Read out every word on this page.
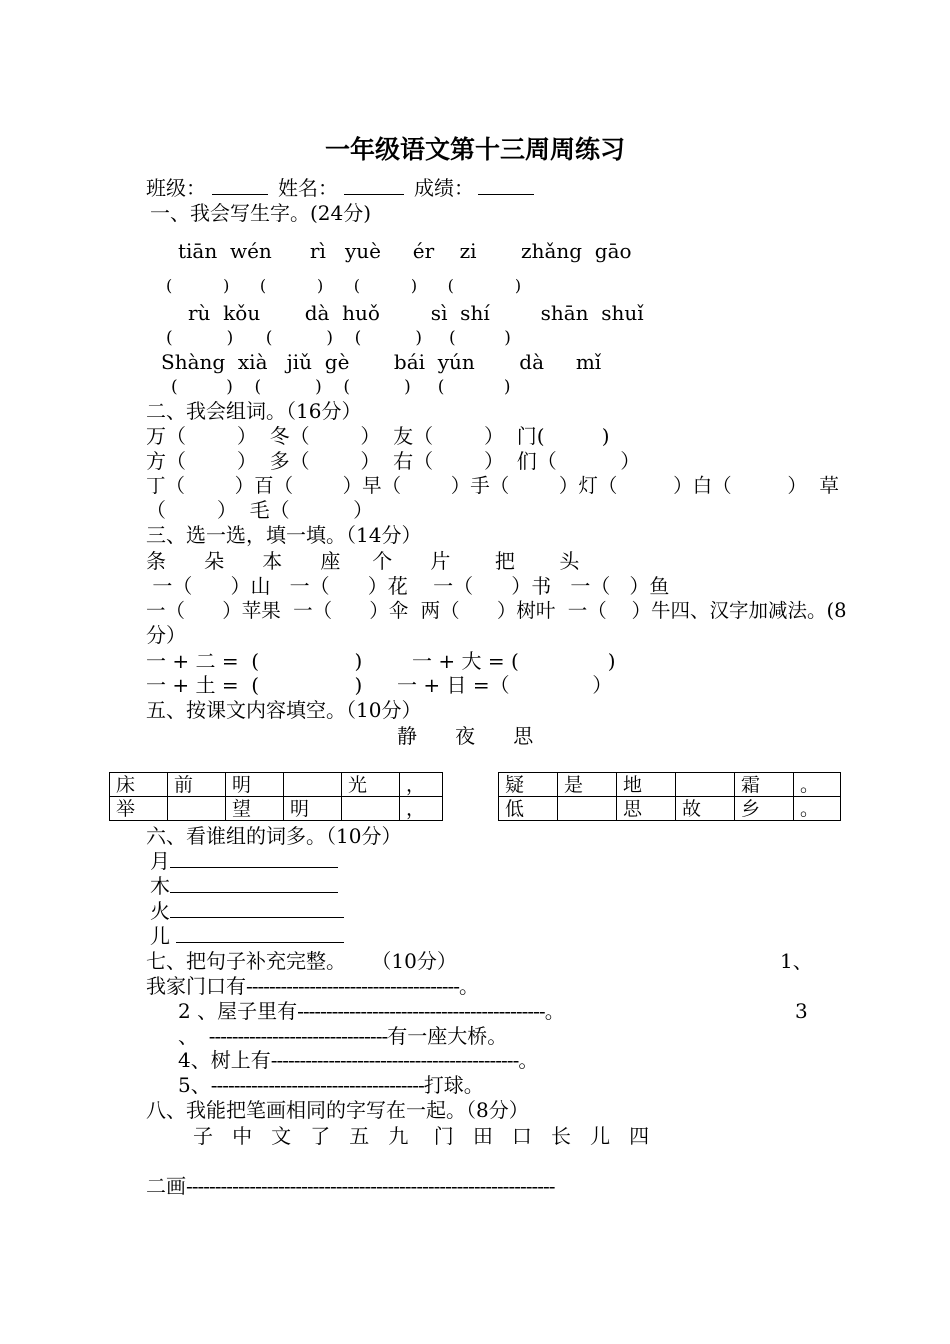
一年级语文第十三周周练习
班级：	姓名：	成绩：
一、我会写生字。(24分)
tiān  wén      rì   yuè     ér    zi       zhǎng  gāo
(          )      (          )      (          )      (            )
rù  kǒu       dà  huǒ        sì  shí        shān  shuǐ
(          )      (          )    (          )     (         )
Shàng  xià   jiǔ  gè       bái  yún       dà     mǐ
(         )    (          )    (          )     (           )
二、我会组词。（16分）
万（        ）  冬（        ）  友（        ）  门(         )
方（        ）  多（        ）  右（        ）  们（          ）
丁（        ）百（        ）早（        ）手（        ）灯（         ）白（         ）  草
（        ）  毛（          ）
三、选一选，填一填。（14分）
条      朵      本      座     个      片       把       头
一（      ）山   一（      ）花    一（      ）书   一（   ）鱼
一（      ）苹果  一（      ）伞  两（      ）树叶  一（    ）牛四、汉字加减法。(8
分）
一 + 二 =  (               ) 一 + 大 = (              )
一 + 土 =  (               ) 一 + 日 =（             ）
五、按课文内容填空。（10分）
静      夜      思
床	前	明		光	，
举		望	明		，
疑	是	地		霜	。
低		思	故	乡	。
六、看谁组的词多。（10分）
月
木
火
儿
七、把句子补充完整。    （10分）	1、
我家门口有-------------------------------------。
2 、屋子里有-------------------------------------------。	3
、  -------------------------------有一座大桥。
4、树上有-------------------------------------------。
5、-------------------------------------打球。
八、我能把笔画相同的字写在一起。（8分）
子   中   文   了   五   九    门   田   口   长   儿   四
二画----------------------------------------------------------------
